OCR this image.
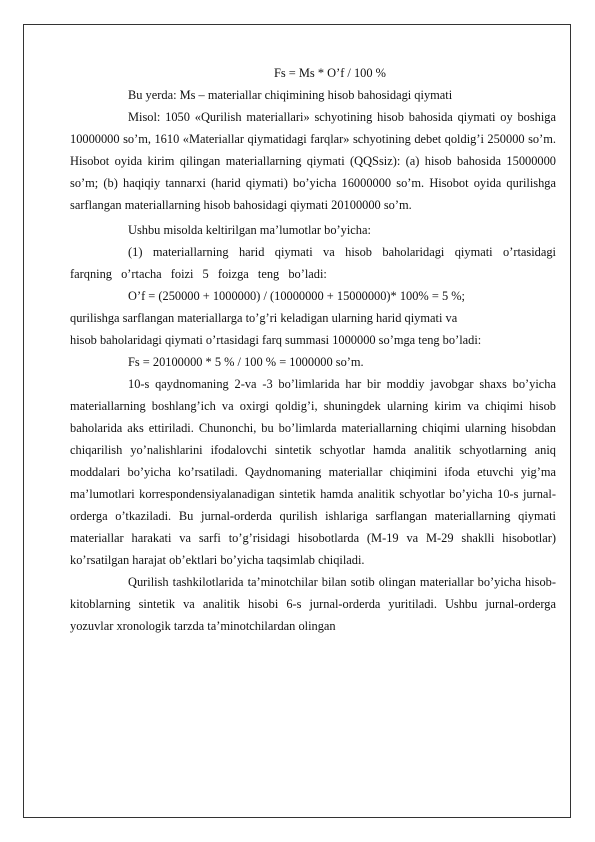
Fs = Ms * O’f / 100 %

Bu yerda: Ms – materiallar chiqimining hisob bahosidagi qiymati

Misol: 1050 «Qurilish materiallari» schyotining hisob bahosida qiymati oy boshiga 10000000 so’m, 1610 «Materiallar qiymatidagi farqlar» schyotining debet qoldig’i 250000 so’m. Hisobot oyida kirim qilingan materiallarning qiymati (QQSsiz): (a) hisob bahosida 15000000 so’m; (b) haqiqiy tannarxi (harid qiymati) bo’yicha 16000000 so’m. Hisobot oyida qurilishga sarflangan materiallarning hisob bahosidagi qiymati 20100000 so’m.

Ushbu misolda keltirilgan ma’lumotlar bo’yicha:

(1) materiallarning harid qiymati va hisob baholaridagi qiymati o’rtasidagi farqning o’rtacha foizi 5 foizga teng bo’ladi:

O’f = (250000 + 1000000) / (10000000 + 15000000)* 100% = 5 %;

qurilishga sarflangan materiallarga to’g’ri keladigan ularning harid qiymati va

hisob baholaridagi qiymati o’rtasidagi farq summasi 1000000 so’mga teng bo’ladi:

Fs = 20100000 * 5 % / 100 % = 1000000 so’m.

10-s qaydnomaning 2-va -3 bo’limlarida har bir moddiy javobgar shaxs bo’yicha materiallarning boshlang’ich va oxirgi qoldig’i, shuningdek ularning kirim va chiqimi hisob baholarida aks ettiriladi. Chunonchi, bu bo’limlarda materiallarning chiqimi ularning hisobdan chiqarilish yo’nalishlarini ifodalovchi sintetik schyotlar hamda analitik schyotlarning aniq moddalari bo’yicha ko’rsatiladi. Qaydnomaning materiallar chiqimini ifoda etuvchi yig’ma ma’lumotlari korrespondensiyalanadigan sintetik hamda analitik schyotlar bo’yicha 10-s jurnal-orderga o’tkaziladi. Bu jurnal-orderda qurilish ishlariga sarflangan materiallarning qiymati materiallar harakati va sarfi to’g’risidagi hisobotlarda (M-19 va M-29 shaklli hisobotlar) ko’rsatilgan harajat ob’ektlari bo’yicha taqsimlab chiqiladi.

Qurilish tashkilotlarida ta’minotchilar bilan sotib olingan materiallar bo’yicha hisob-kitoblarning sintetik va analitik hisobi 6-s jurnal-orderda yuritiladi. Ushbu jurnal-orderga yozuvlar xronologik tarzda ta’minotchilardan olingan
